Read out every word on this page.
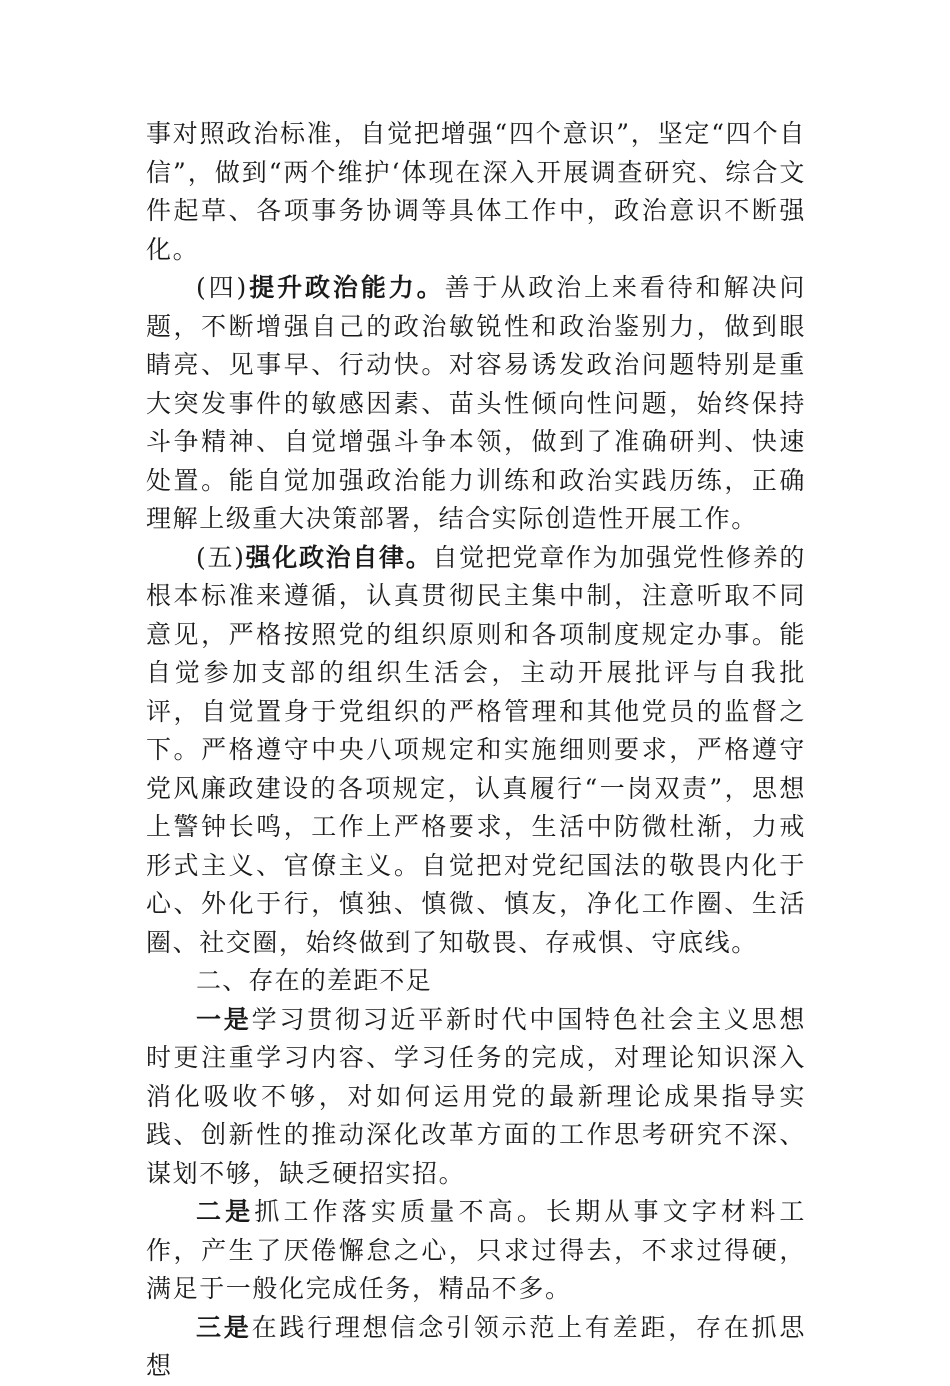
事对照政治标准，自觉把增强“四个意识”，坚定“四个自信”，做到“两个维护‘体现在深入开展调查研究、综合文件起草、各项事务协调等具体工作中，政治意识不断强化。

(四)提升政治能力。善于从政治上来看待和解决问题，不断增强自己的政治敏锐性和政治鉴别力，做到眼睛亮、见事早、行动快。对容易诱发政治问题特别是重大突发事件的敏感因素、苗头性倾向性问题，始终保持斗争精神、自觉增强斗争本领，做到了准确研判、快速处置。能自觉加强政治能力训练和政治实践历练，正确理解上级重大决策部署，结合实际创造性开展工作。

(五)强化政治自律。自觉把党章作为加强党性修养的根本标准来遵循，认真贯彻民主集中制，注意听取不同意见，严格按照党的组织原则和各项制度规定办事。能自觉参加支部的组织生活会，主动开展批评与自我批评，自觉置身于党组织的严格管理和其他党员的监督之下。严格遵守中央八项规定和实施细则要求，严格遵守党风廉政建设的各项规定，认真履行“一岗双责”，思想上警钟长鸣，工作上严格要求，生活中防微杜渐，力戒形式主义、官僚主义。自觉把对党纪国法的敬畏内化于心、外化于行，慎独、慎微、慎友，净化工作圈、生活圈、社交圈，始终做到了知敬畏、存戒惧、守底线。

二、存在的差距不足

一是学习贯彻习近平新时代中国特色社会主义思想时更注重学习内容、学习任务的完成，对理论知识深入消化吸收不够，对如何运用党的最新理论成果指导实践、创新性的推动深化改革方面的工作思考研究不深、谋划不够，缺乏硬招实招。

二是抓工作落实质量不高。长期从事文字材料工作，产生了厌倦懈怠之心，只求过得去，不求过得硬，满足于一般化完成任务，精品不多。

三是在践行理想信念引领示范上有差距，存在抓思想
